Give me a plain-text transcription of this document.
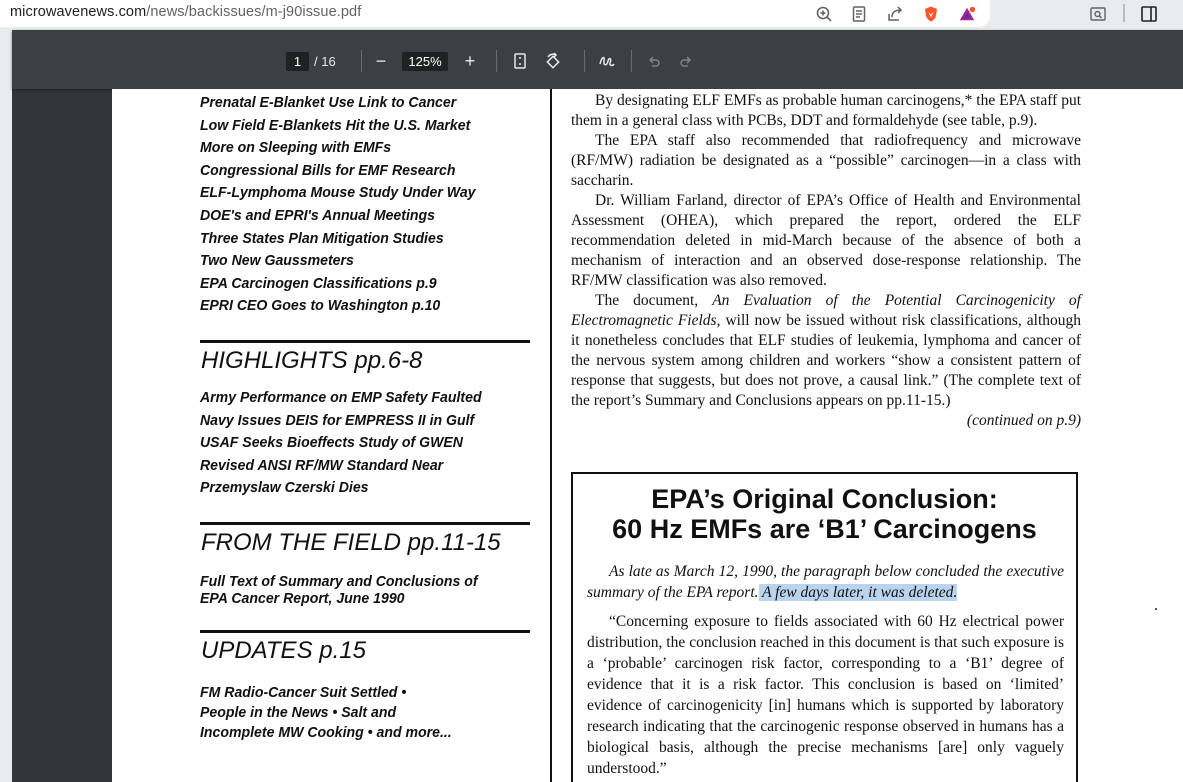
microwavenews.com/news/backissues/m-j90issue.pdf
1 / 16	−	125%	+
Prenatal E-Blanket Use Link to Cancer
Low Field E-Blankets Hit the U.S. Market
More on Sleeping with EMFs
Congressional Bills for EMF Research
ELF-Lymphoma Mouse Study Under Way
DOE's and EPRI's Annual Meetings
Three States Plan Mitigation Studies
Two New Gaussmeters
EPA Carcinogen Classifications p.9
EPRI CEO Goes to Washington p.10
HIGHLIGHTS pp.6-8
Army Performance on EMP Safety Faulted
Navy Issues DEIS for EMPRESS II in Gulf
USAF Seeks Bioeffects Study of GWEN
Revised ANSI RF/MW Standard Near
Przemyslaw Czerski Dies
FROM THE FIELD pp.11-15
Full Text of Summary and Conclusions of
EPA Cancer Report, June 1990
UPDATES p.15
FM Radio-Cancer Suit Settled •
People in the News • Salt and
Incomplete MW Cooking • and more...

By designating ELF EMFs as probable human carcinogens,* the EPA staff put them in a general class with PCBs, DDT and formaldehyde (see table, p.9).

The EPA staff also recommended that radiofrequency and microwave (RF/MW) radiation be designated as a “possible” carcinogen—in a class with saccharin.

Dr. William Farland, director of EPA’s Office of Health and Environmental Assessment (OHEA), which prepared the report, ordered the ELF recommendation deleted in mid-March because of the absence of both a mechanism of interaction and an observed dose-response relationship. The RF/MW classification was also removed.

The document, An Evaluation of the Potential Carcinogenicity of Electromagnetic Fields, will now be issued without risk classifications, although it nonetheless concludes that ELF studies of leukemia, lymphoma and cancer of the nervous system among children and workers “show a consistent pattern of response that suggests, but does not prove, a causal link.” (The complete text of the report’s Summary and Conclusions appears on pp.11-15.)

(continued on p.9)

EPA’s Original Conclusion:
60 Hz EMFs are ‘B1’ Carcinogens

As late as March 12, 1990, the paragraph below concluded the executive summary of the EPA report. A few days later, it was deleted.

“Concerning exposure to fields associated with 60 Hz electrical power distribution, the conclusion reached in this document is that such exposure is a ‘probable’ carcinogen risk factor, corresponding to a ‘B1’ degree of evidence that it is a risk factor. This conclusion is based on ‘limited’ evidence of carcinogenicity [in] humans which is supported by laboratory research indicating that the carcinogenic response observed in humans has a biological basis, although the precise mechanisms [are] only vaguely understood.”
